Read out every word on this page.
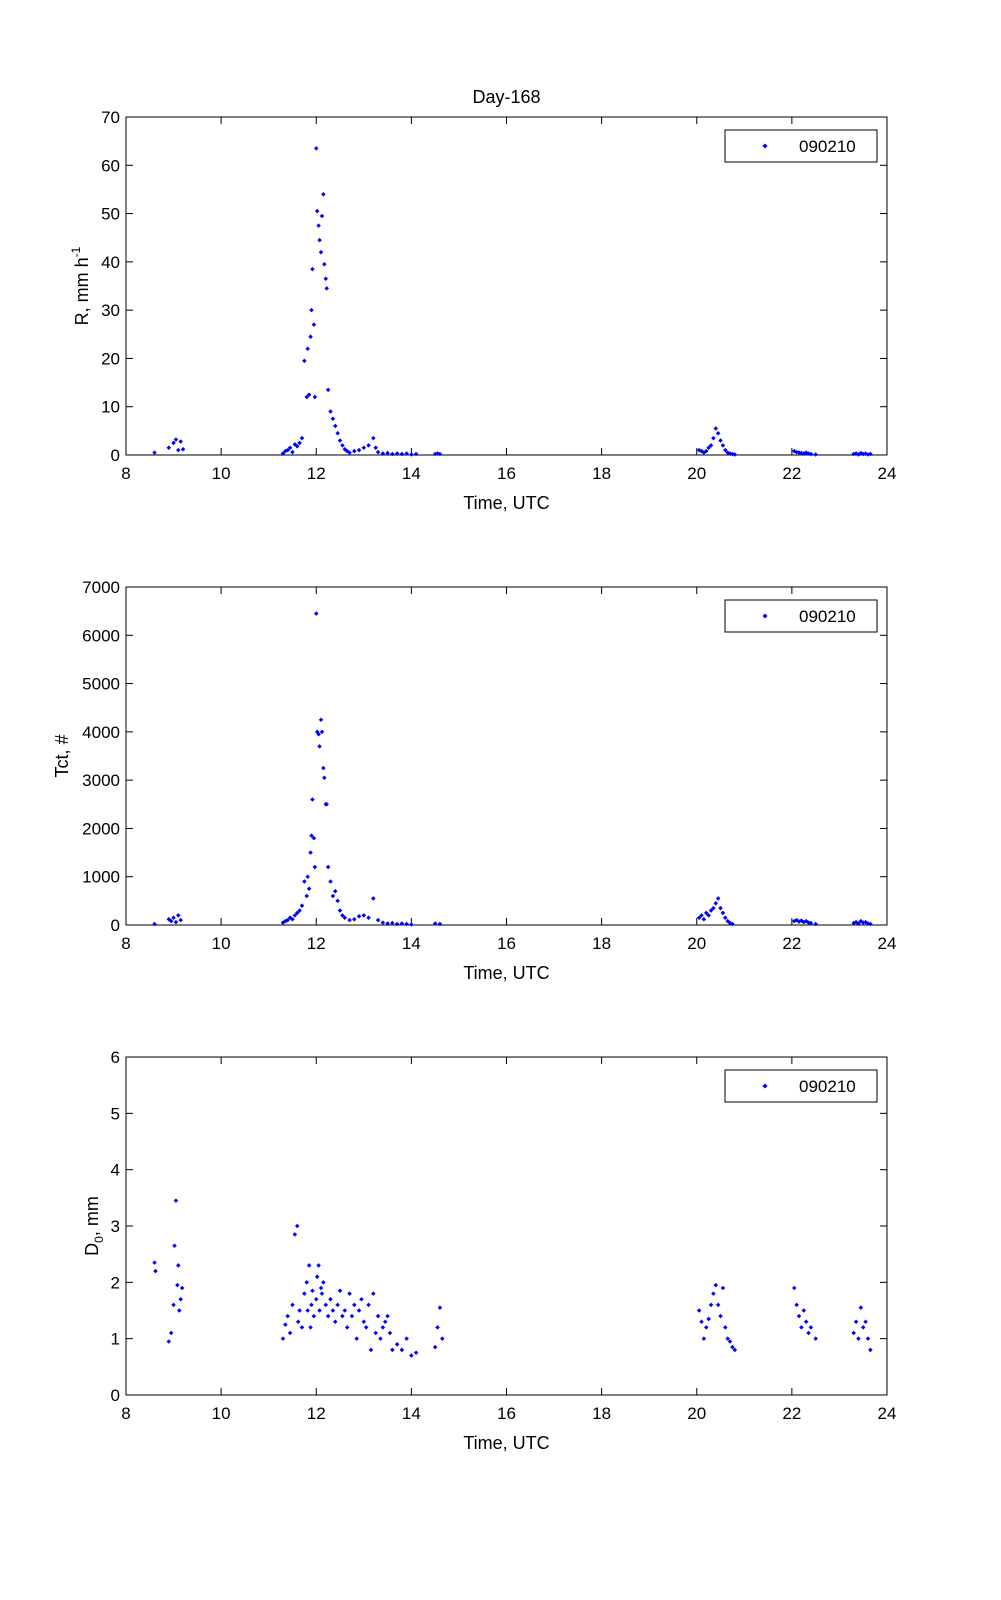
Day-168
8	10	12	14	16	18	20	22	24
0
10
20
30
40
50
60
70
Time, UTC
R, mm $h^{-1}$
090210
8	10	12	14	16	18	20	22	24
0
1000
2000
3000
4000
5000
6000
7000
Time, UTC
Tct, #
090210
8	10	12	14	16	18	20	22	24
0
1
2
3
4
5
6
Time, UTC
$D_0$, mm
090210
